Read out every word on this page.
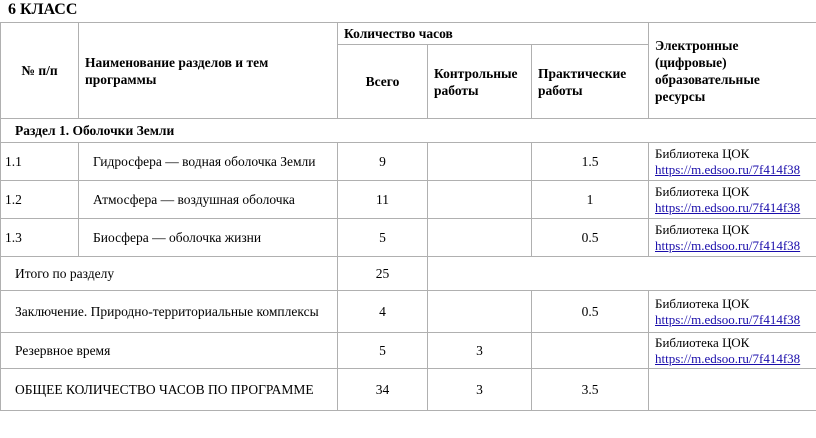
6 КЛАСС
№ п/п	Наименование разделов и тем программы	Количество часов			Электронные (цифровые) образовательные ресурсы
		Всего	Контрольные работы	Практические работы	
Раздел 1. Оболочки Земли					
1.1	Гидросфера — водная оболочка Земли	9		1.5	Библиотека ЦОК
https://m.edsoo.ru/7f414f38
1.2	Атмосфера — воздушная оболочка	11		1	Библиотека ЦОК
https://m.edsoo.ru/7f414f38
1.3	Биосфера — оболочка жизни	5		0.5	Библиотека ЦОК
https://m.edsoo.ru/7f414f38
Итого по разделу		25			
Заключение. Природно-территориальные комплексы		4		0.5	Библиотека ЦОК
https://m.edsoo.ru/7f414f38
Резервное время		5	3		Библиотека ЦОК
https://m.edsoo.ru/7f414f38
ОБЩЕЕ КОЛИЧЕСТВО ЧАСОВ ПО ПРОГРАММЕ		34	3	3.5	
